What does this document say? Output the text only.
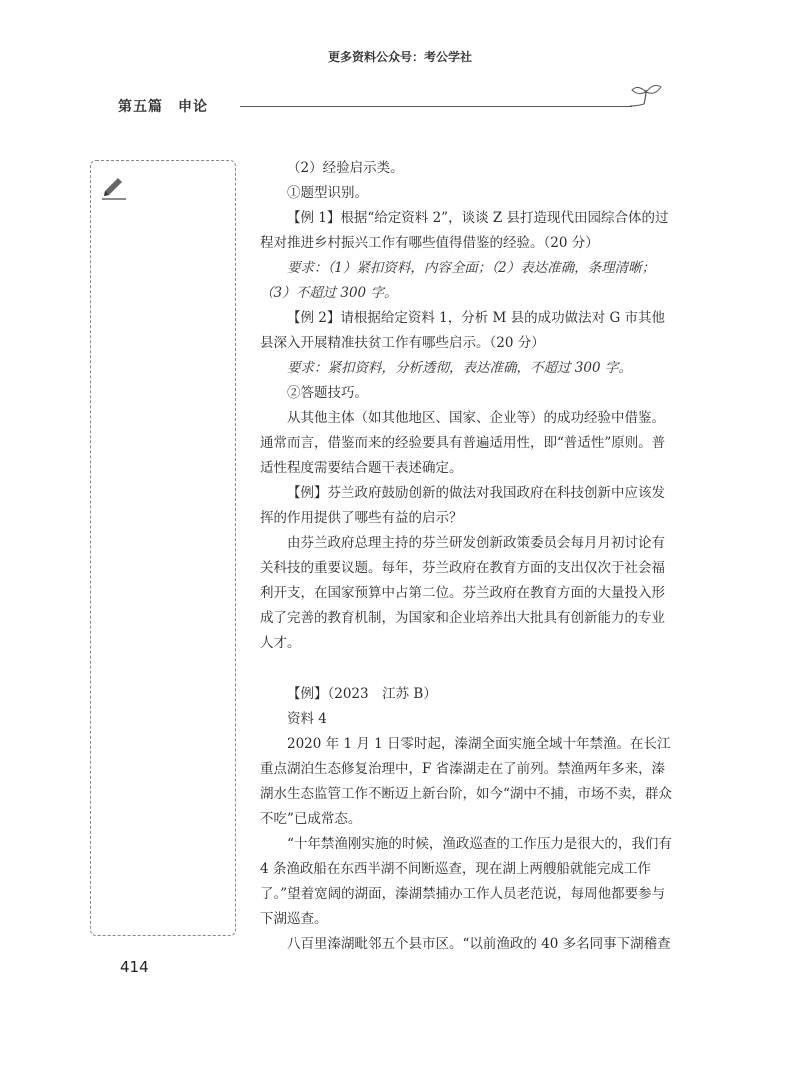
更多资料公众号：考公学社
第五篇　申论

（2）经验启示类。

①题型识别。

【例 1】根据“给定资料 2”，谈谈 Z 县打造现代田园综合体的过程对推进乡村振兴工作有哪些值得借鉴的经验。（20 分）

要求：（1）紧扣资料，内容全面；（2）表达准确，条理清晰；（3）不超过 300 字。

【例 2】请根据给定资料 1，分析 M 县的成功做法对 G 市其他县深入开展精准扶贫工作有哪些启示。（20 分）

要求：紧扣资料，分析透彻，表达准确，不超过 300 字。

②答题技巧。

从其他主体（如其他地区、国家、企业等）的成功经验中借鉴。通常而言，借鉴而来的经验要具有普遍适用性，即“普适性”原则。普适性程度需要结合题干表述确定。

【例】芬兰政府鼓励创新的做法对我国政府在科技创新中应该发挥的作用提供了哪些有益的启示？

由芬兰政府总理主持的芬兰研发创新政策委员会每月月初讨论有关科技的重要议题。每年，芬兰政府在教育方面的支出仅次于社会福利开支，在国家预算中占第二位。芬兰政府在教育方面的大量投入形成了完善的教育机制，为国家和企业培养出大批具有创新能力的专业人才。

【例】（2023　江苏 B）

资料 4

2020 年 1 月 1 日零时起，溱湖全面实施全域十年禁渔。在长江重点湖泊生态修复治理中，F 省溱湖走在了前列。禁渔两年多来，溱湖水生态监管工作不断迈上新台阶，如今“湖中不捕，市场不卖，群众不吃”已成常态。

“十年禁渔刚实施的时候，渔政巡查的工作压力是很大的，我们有 4 条渔政船在东西半湖不间断巡查，现在湖上两艘船就能完成工作了。”望着宽阔的湖面，溱湖禁捕办工作人员老范说，每周他都要参与下湖巡查。

八百里溱湖毗邻五个县市区。“以前渔政的 40 多名同事下湖稽查

414
